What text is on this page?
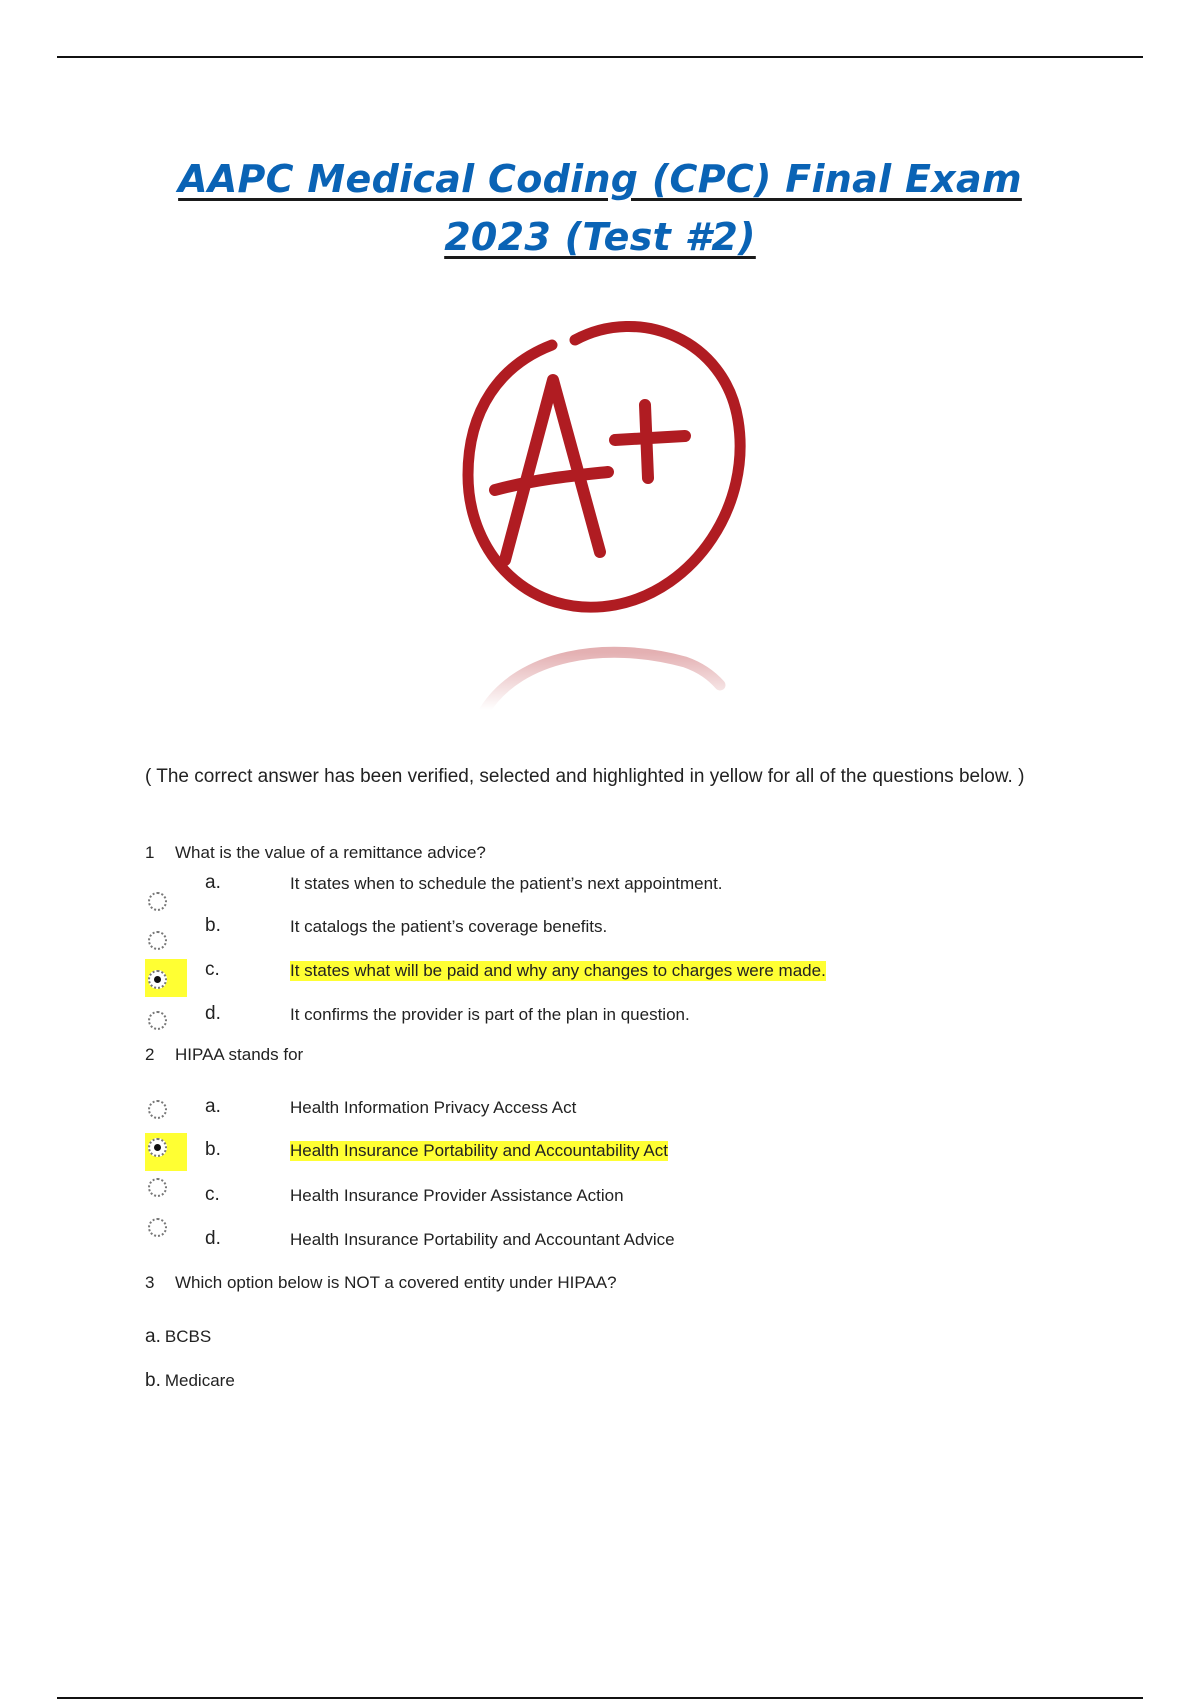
AAPC Medical Coding (CPC) Final Exam
2023 (Test #2)

( The correct answer has been verified, selected and highlighted in yellow for all of the questions below. )

1 What is the value of a remittance advice?
a.	It states when to schedule the patient’s next appointment.
b.	It catalogs the patient’s coverage benefits.
c.	It states what will be paid and why any changes to charges were made.
d.	It confirms the provider is part of the plan in question.
2 HIPAA stands for
a.	Health Information Privacy Access Act
b.	Health Insurance Portability and Accountability Act
c.	Health Insurance Provider Assistance Action
d.	Health Insurance Portability and Accountant Advice
3 Which option below is NOT a covered entity under HIPAA?
a. BCBS
b. Medicare
